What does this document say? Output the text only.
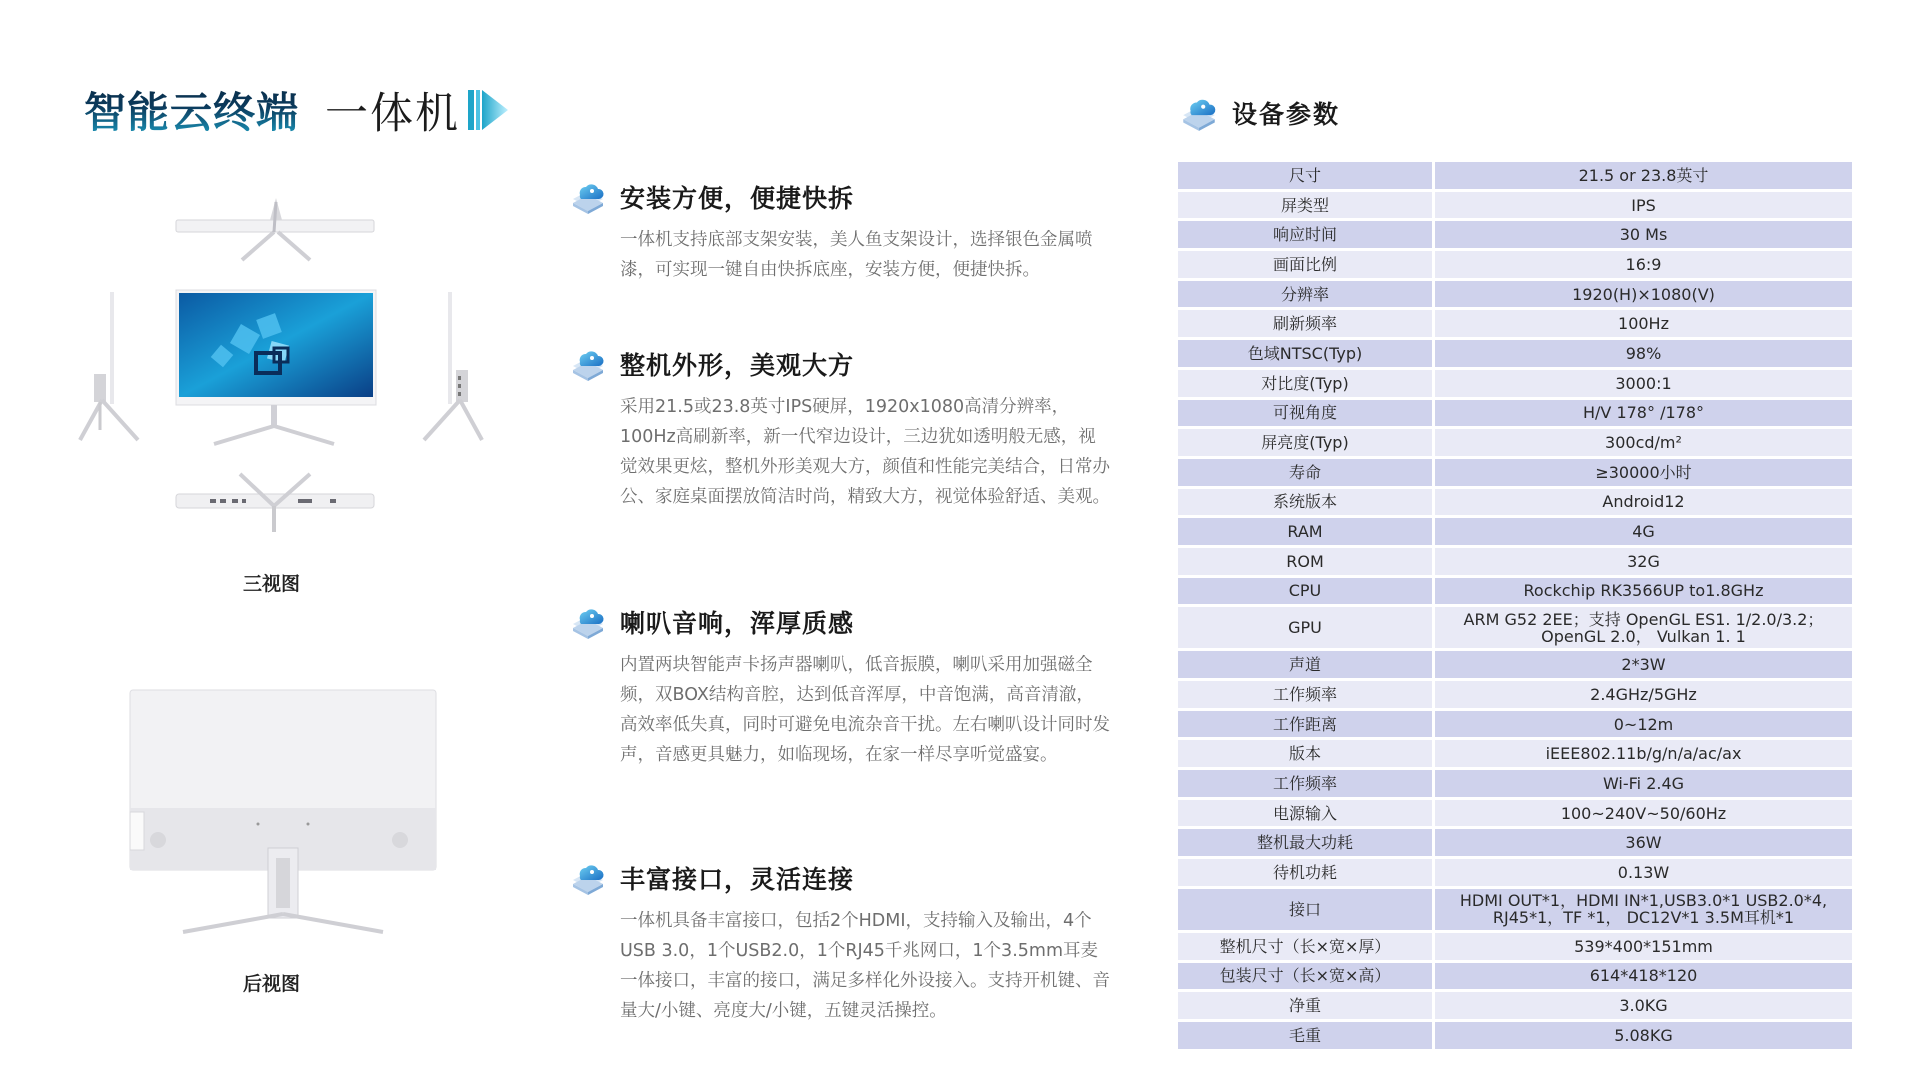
智能云终端 一体机
三视图
后视图
安装方便，便捷快拆
一体机支持底部支架安装，美人鱼支架设计，选择银色金属喷漆，可实现一键自由快拆底座，安装方便，便捷快拆。
整机外形，美观大方
采用21.5或23.8英寸IPS硬屏，1920x1080高清分辨率，100Hz高刷新率，新一代窄边设计，三边犹如透明般无感，视觉效果更炫，整机外形美观大方，颜值和性能完美结合，日常办公、家庭桌面摆放简洁时尚，精致大方，视觉体验舒适、美观。
喇叭音响，浑厚质感
内置两块智能声卡扬声器喇叭，低音振膜，喇叭采用加强磁全频，双BOX结构音腔，达到低音浑厚，中音饱满，高音清澈，高效率低失真，同时可避免电流杂音干扰。左右喇叭设计同时发声，音感更具魅力，如临现场，在家一样尽享听觉盛宴。
丰富接口，灵活连接
一体机具备丰富接口，包括2个HDMI，支持输入及输出，4个USB 3.0，1个USB2.0，1个RJ45千兆网口，1个3.5mm耳麦一体接口，丰富的接口，满足多样化外设接入。支持开机键、音量大/小键、亮度大/小键，五键灵活操控。
设备参数
尺寸	21.5 or 23.8英寸
屏类型	IPS
响应时间	30 Ms
画面比例	16:9
分辨率	1920(H)×1080(V)
刷新频率	100Hz
色域NTSC(Typ)	98%
对比度(Typ)	3000:1
可视角度	H/V 178° /178°
屏亮度(Typ)	300cd/m²
寿命	≥30000小时
系统版本	Android12
RAM	4G
ROM	32G
CPU	Rockchip RK3566UP to1.8GHz
GPU	ARM G52 2EE；支持 OpenGL ES1. 1/2.0/3.2；
OpenGL 2.0， Vulkan 1. 1

声道	2*3W
工作频率	2.4GHz/5GHz
工作距离	0~12m
版本	iEEE802.11b/g/n/a/ac/ax
工作频率	Wi-Fi 2.4G
电源输入	100~240V~50/60Hz
整机最大功耗	36W
待机功耗	0.13W
接口	HDMI OUT*1，HDMI IN*1,USB3.0*1 USB2.0*4,
RJ45*1，TF *1， DC12V*1 3.5M耳机*1

整机尺寸（长×宽×厚）	539*400*151mm
包装尺寸（长×宽×高）	614*418*120
净重	3.0KG
毛重	5.08KG
